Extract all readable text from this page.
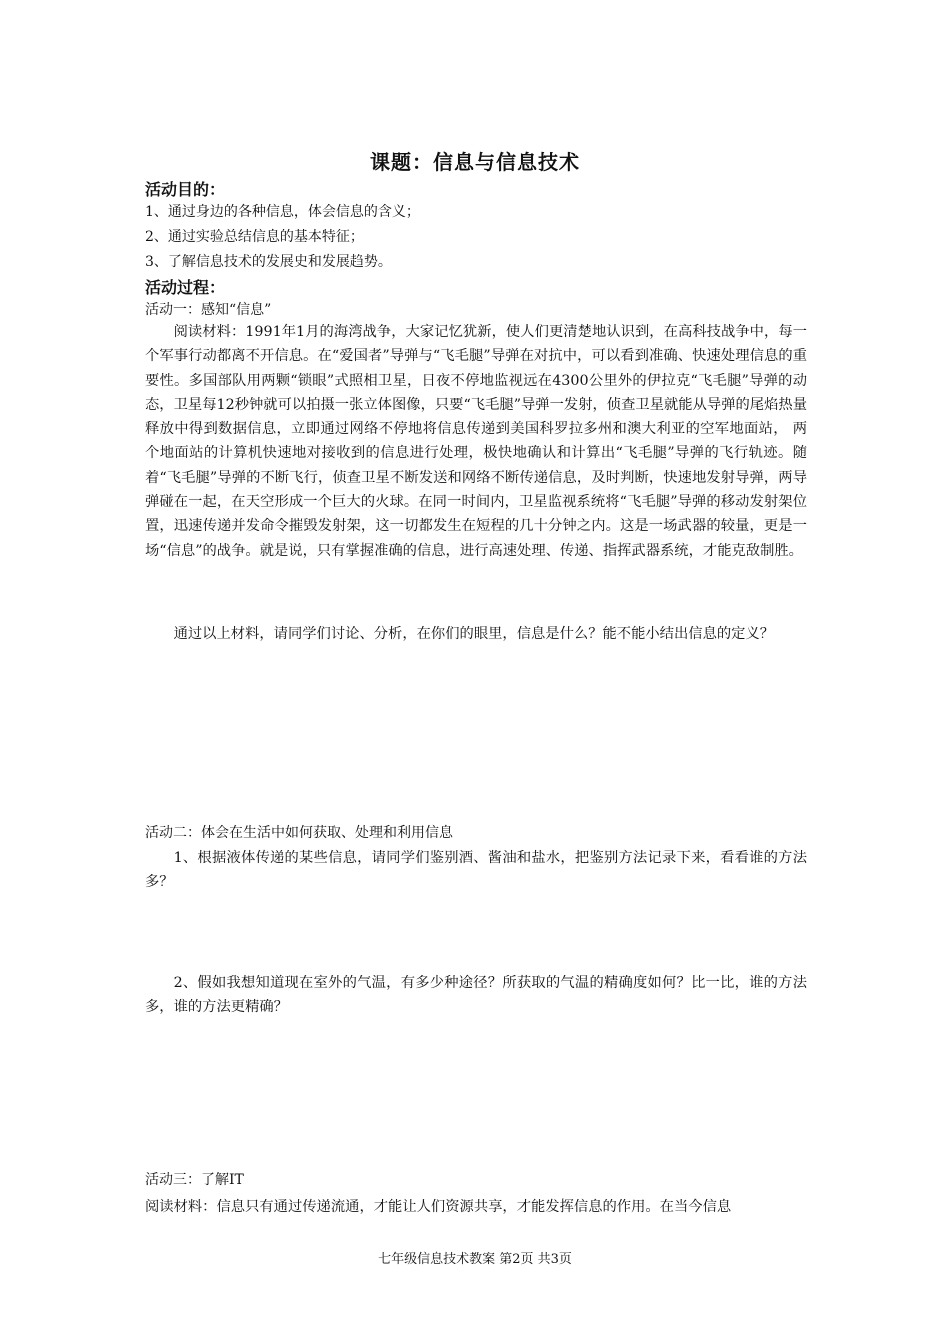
课题：信息与信息技术
活动目的：
1、通过身边的各种信息，体会信息的含义；
2、通过实验总结信息的基本特征；
3、了解信息技术的发展史和发展趋势。
活动过程：
活动一：感知“信息”
阅读材料：1991年1月的海湾战争，大家记忆犹新，使人们更清楚地认识到，在高科技战争中，每一个军事行动都离不开信息。在“爱国者”导弹与“飞毛腿”导弹在对抗中，可以看到准确、快速处理信息的重要性。多国部队用两颗“锁眼”式照相卫星，日夜不停地监视远在4300公里外的伊拉克“飞毛腿”导弹的动态，卫星每12秒钟就可以拍摄一张立体图像，只要“飞毛腿”导弹一发射，侦查卫星就能从导弹的尾焰热量释放中得到数据信息，立即通过网络不停地将信息传递到美国科罗拉多州和澳大利亚的空军地面站， 两个地面站的计算机快速地对接收到的信息进行处理，极快地确认和计算出“飞毛腿”导弹的飞行轨迹。随着“飞毛腿”导弹的不断飞行，侦查卫星不断发送和网络不断传递信息，及时判断，快速地发射导弹，两导弹碰在一起，在天空形成一个巨大的火球。在同一时间内，卫星监视系统将“飞毛腿”导弹的移动发射架位置，迅速传递并发命令摧毁发射架，这一切都发生在短程的几十分钟之内。这是一场武器的较量，更是一场“信息”的战争。就是说，只有掌握准确的信息，进行高速处理、传递、指挥武器系统，才能克敌制胜。
通过以上材料，请同学们讨论、分析，在你们的眼里，信息是什么？能不能小结出信息的定义？
活动二：体会在生活中如何获取、处理和利用信息
1、根据液体传递的某些信息，请同学们鉴别酒、酱油和盐水，把鉴别方法记录下来，看看谁的方法多？
2、假如我想知道现在室外的气温，有多少种途径？所获取的气温的精确度如何？比一比，谁的方法多，谁的方法更精确？
活动三：了解IT
阅读材料：信息只有通过传递流通，才能让人们资源共享，才能发挥信息的作用。在当今信息
七年级信息技术教案 第2页 共3页
